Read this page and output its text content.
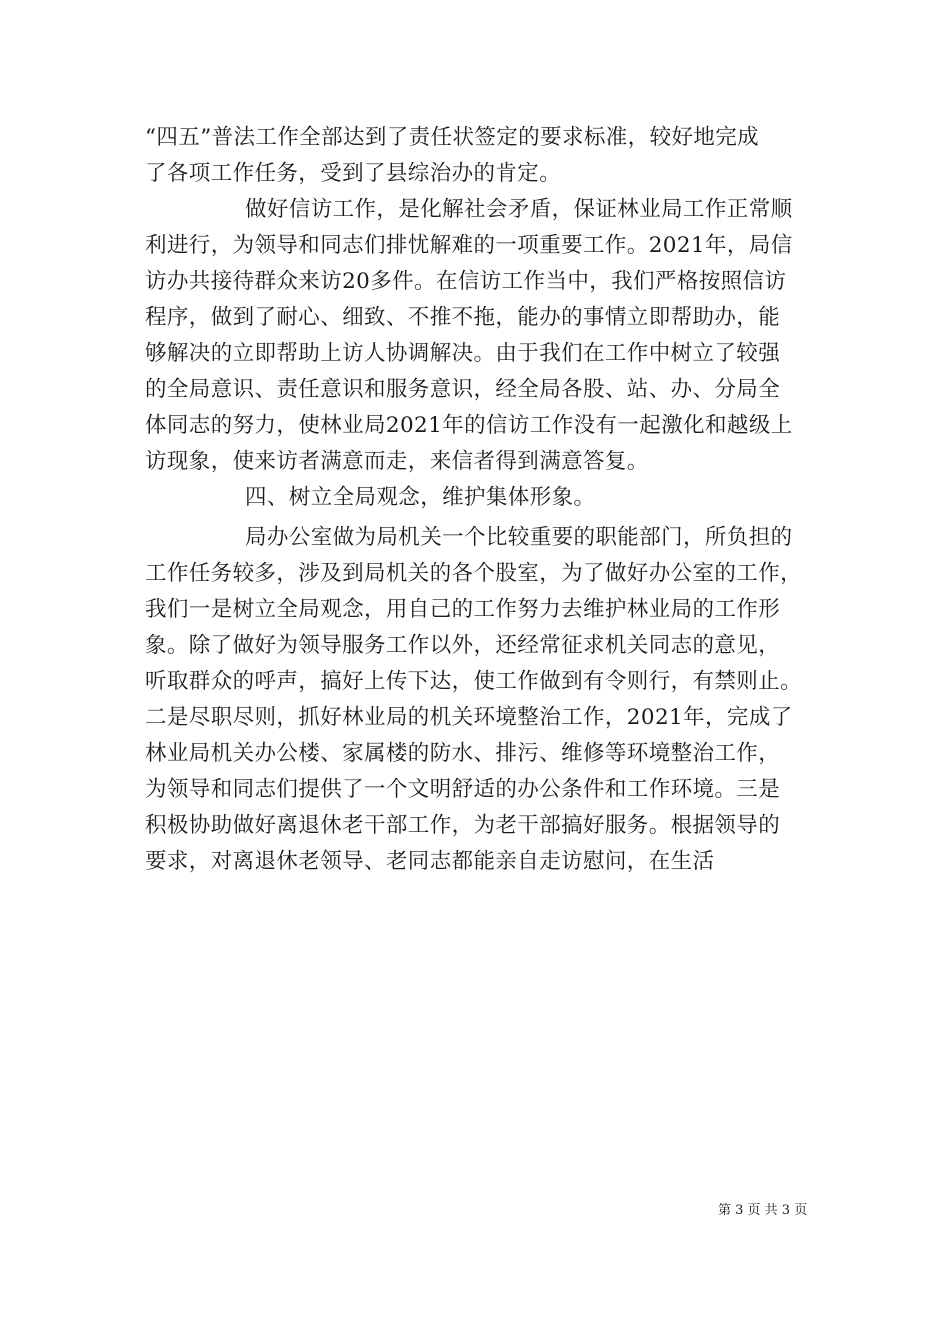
“四五”普法工作全部达到了责任状签定的要求标准，较好地完成
了各项工作任务，受到了县综治办的肯定。
做好信访工作，是化解社会矛盾，保证林业局工作正常顺
利进行，为领导和同志们排忧解难的一项重要工作。2021年，局信
访办共接待群众来访20多件。在信访工作当中，我们严格按照信访
程序，做到了耐心、细致、不推不拖，能办的事情立即帮助办，能
够解决的立即帮助上访人协调解决。由于我们在工作中树立了较强
的全局意识、责任意识和服务意识，经全局各股、站、办、分局全
体同志的努力，使林业局2021年的信访工作没有一起激化和越级上
访现象，使来访者满意而走，来信者得到满意答复。
四、树立全局观念，维护集体形象。
局办公室做为局机关一个比较重要的职能部门，所负担的
工作任务较多，涉及到局机关的各个股室，为了做好办公室的工作，
我们一是树立全局观念，用自己的工作努力去维护林业局的工作形
象。除了做好为领导服务工作以外，还经常征求机关同志的意见，
听取群众的呼声，搞好上传下达，使工作做到有令则行，有禁则止。
二是尽职尽则，抓好林业局的机关环境整治工作，2021年，完成了
林业局机关办公楼、家属楼的防水、排污、维修等环境整治工作，
为领导和同志们提供了一个文明舒适的办公条件和工作环境。三是
积极协助做好离退休老干部工作，为老干部搞好服务。根据领导的
要求，对离退休老领导、老同志都能亲自走访慰问，在生活
第 3 页 共 3 页
